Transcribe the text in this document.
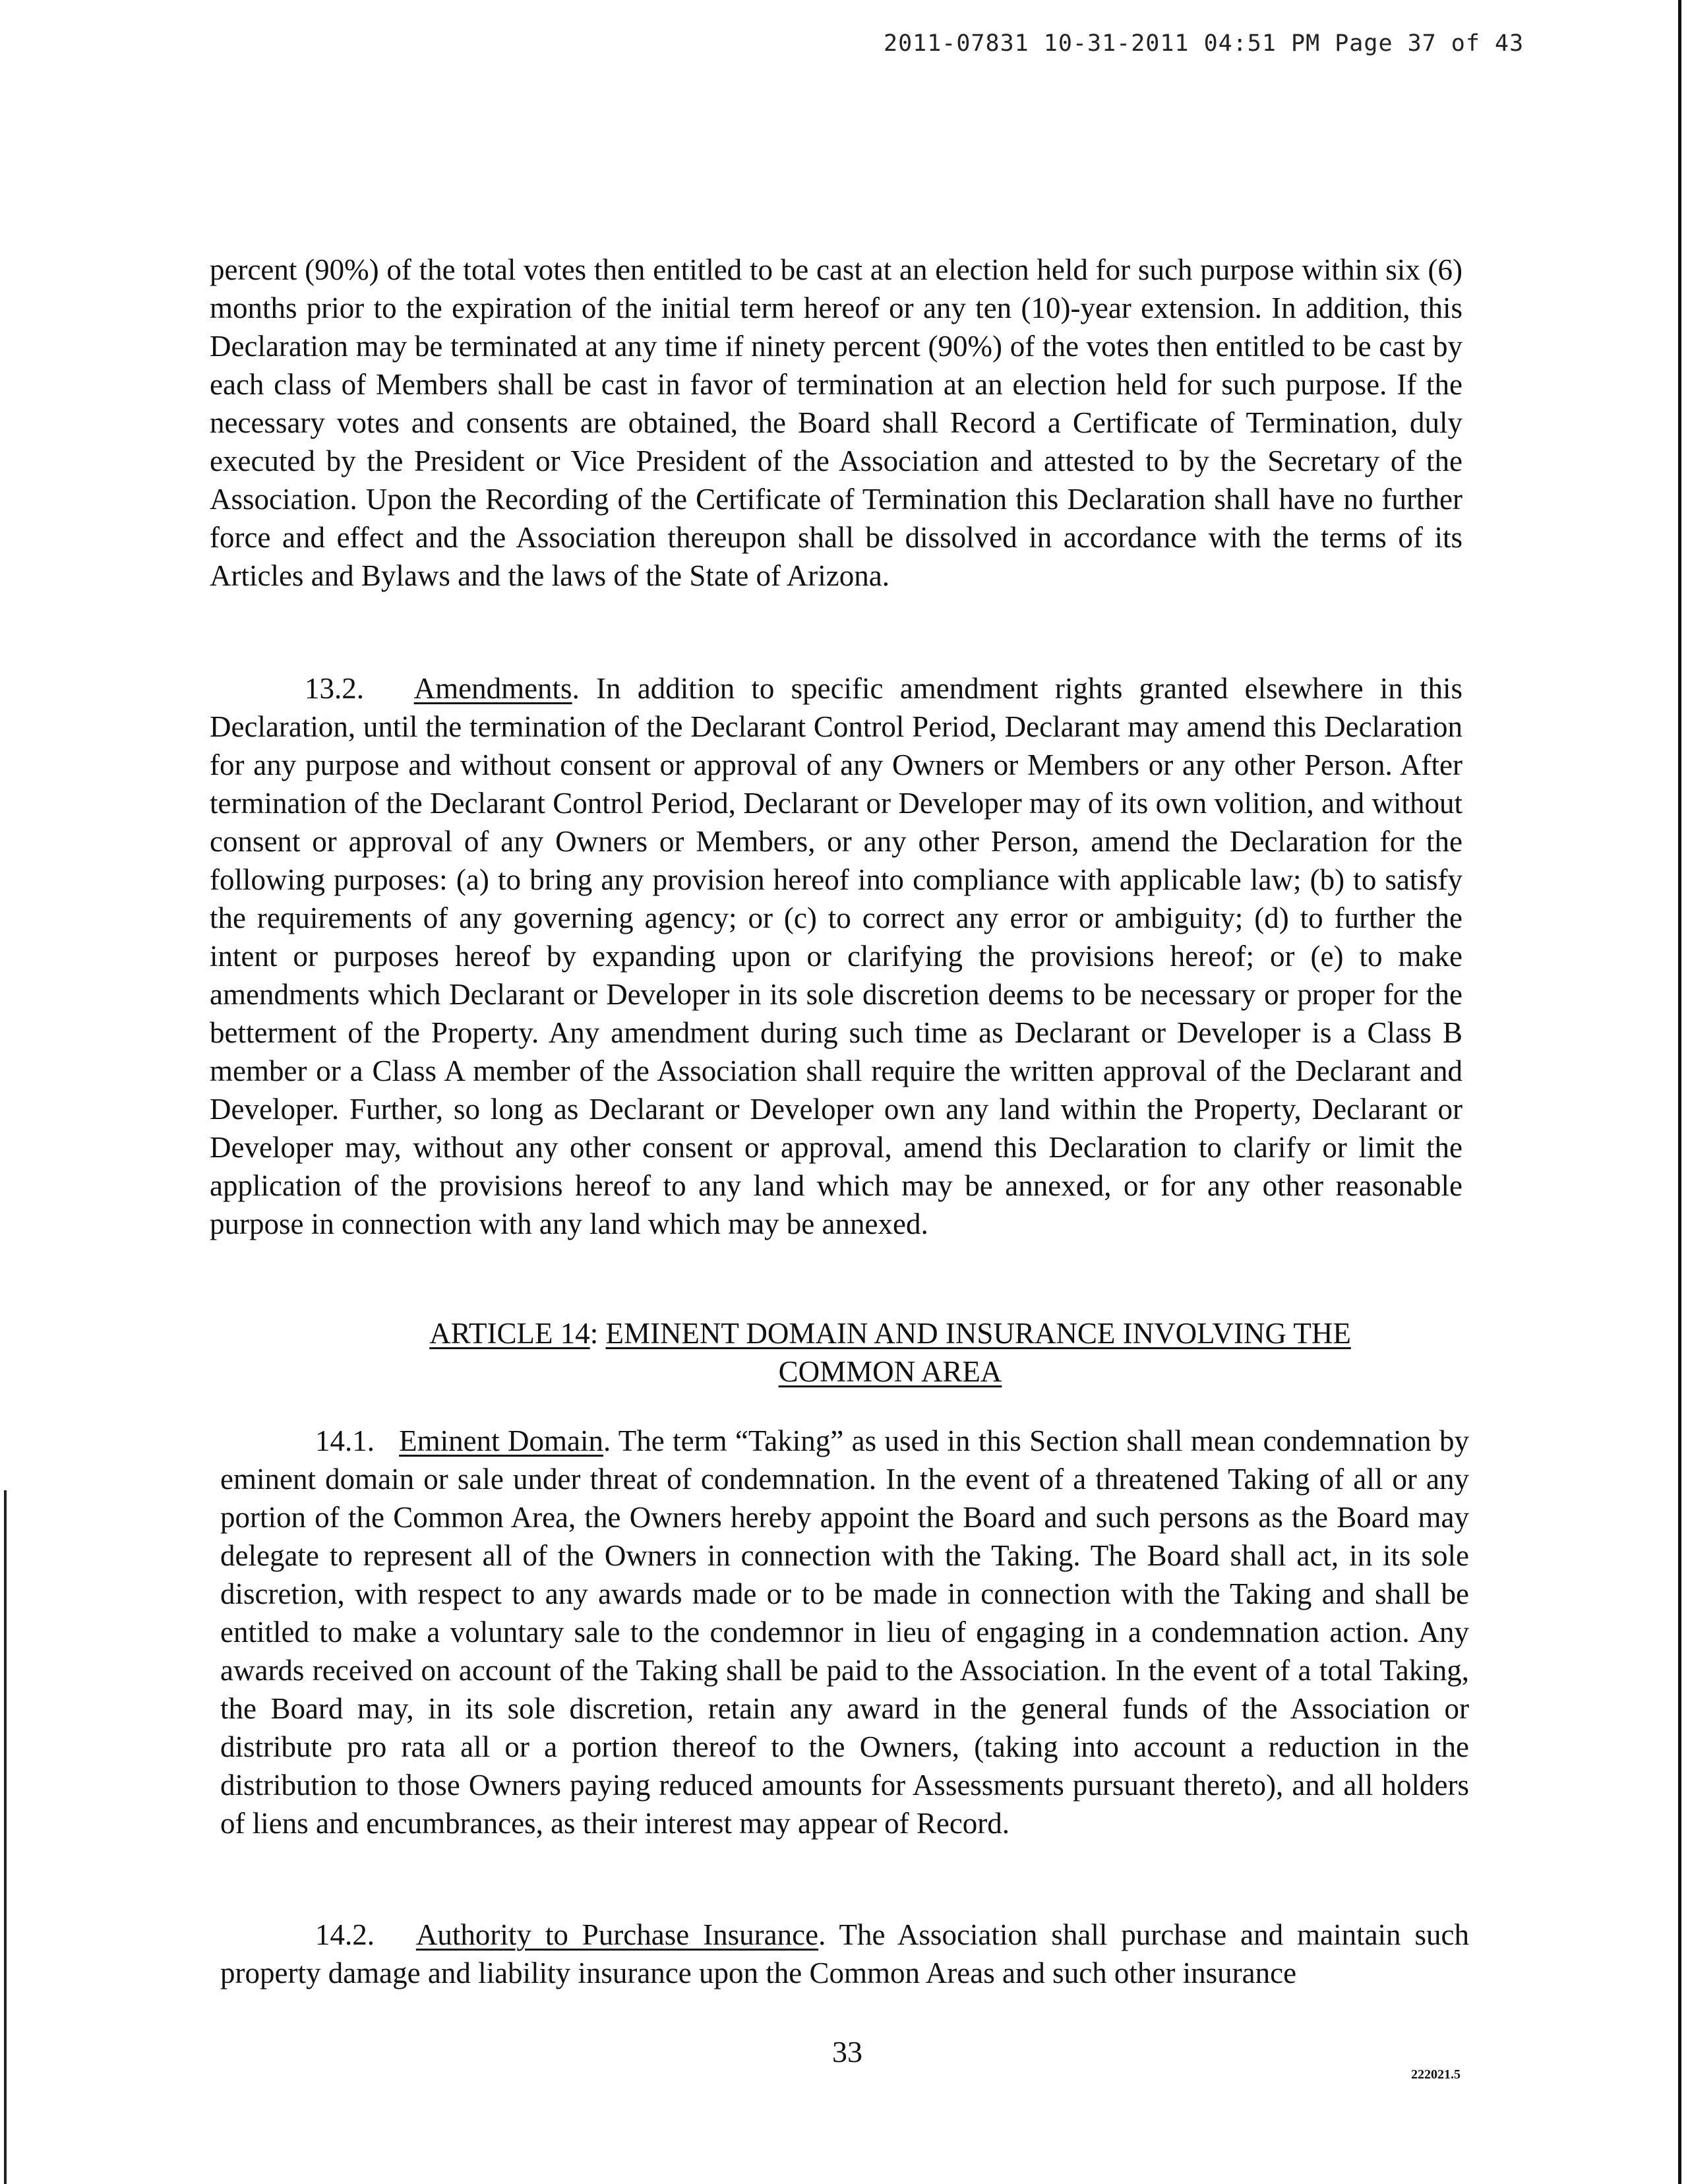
2011-07831 10-31-2011 04:51 PM Page 37 of 43
percent (90%) of the total votes then entitled to be cast at an election held for such purpose within six (6) months prior to the expiration of the initial term hereof or any ten (10)-year extension. In addition, this Declaration may be terminated at any time if ninety percent (90%) of the votes then entitled to be cast by each class of Members shall be cast in favor of termination at an election held for such purpose. If the necessary votes and consents are obtained, the Board shall Record a Certificate of Termination, duly executed by the President or Vice President of the Association and attested to by the Secretary of the Association. Upon the Recording of the Certificate of Termination this Declaration shall have no further force and effect and the Association thereupon shall be dissolved in accordance with the terms of its Articles and Bylaws and the laws of the State of Arizona.
13.2. Amendments. In addition to specific amendment rights granted elsewhere in this Declaration, until the termination of the Declarant Control Period, Declarant may amend this Declaration for any purpose and without consent or approval of any Owners or Members or any other Person. After termination of the Declarant Control Period, Declarant or Developer may of its own volition, and without consent or approval of any Owners or Members, or any other Person, amend the Declaration for the following purposes: (a) to bring any provision hereof into compliance with applicable law; (b) to satisfy the requirements of any governing agency; or (c) to correct any error or ambiguity; (d) to further the intent or purposes hereof by expanding upon or clarifying the provisions hereof; or (e) to make amendments which Declarant or Developer in its sole discretion deems to be necessary or proper for the betterment of the Property. Any amendment during such time as Declarant or Developer is a Class B member or a Class A member of the Association shall require the written approval of the Declarant and Developer. Further, so long as Declarant or Developer own any land within the Property, Declarant or Developer may, without any other consent or approval, amend this Declaration to clarify or limit the application of the provisions hereof to any land which may be annexed, or for any other reasonable purpose in connection with any land which may be annexed.
ARTICLE 14: EMINENT DOMAIN AND INSURANCE INVOLVING THE COMMON AREA
14.1. Eminent Domain. The term “Taking” as used in this Section shall mean condemnation by eminent domain or sale under threat of condemnation. In the event of a threatened Taking of all or any portion of the Common Area, the Owners hereby appoint the Board and such persons as the Board may delegate to represent all of the Owners in connection with the Taking. The Board shall act, in its sole discretion, with respect to any awards made or to be made in connection with the Taking and shall be entitled to make a voluntary sale to the condemnor in lieu of engaging in a condemnation action. Any awards received on account of the Taking shall be paid to the Association. In the event of a total Taking, the Board may, in its sole discretion, retain any award in the general funds of the Association or distribute pro rata all or a portion thereof to the Owners, (taking into account a reduction in the distribution to those Owners paying reduced amounts for Assessments pursuant thereto), and all holders of liens and encumbrances, as their interest may appear of Record.
14.2. Authority to Purchase Insurance. The Association shall purchase and maintain such property damage and liability insurance upon the Common Areas and such other insurance
33
222021.5
